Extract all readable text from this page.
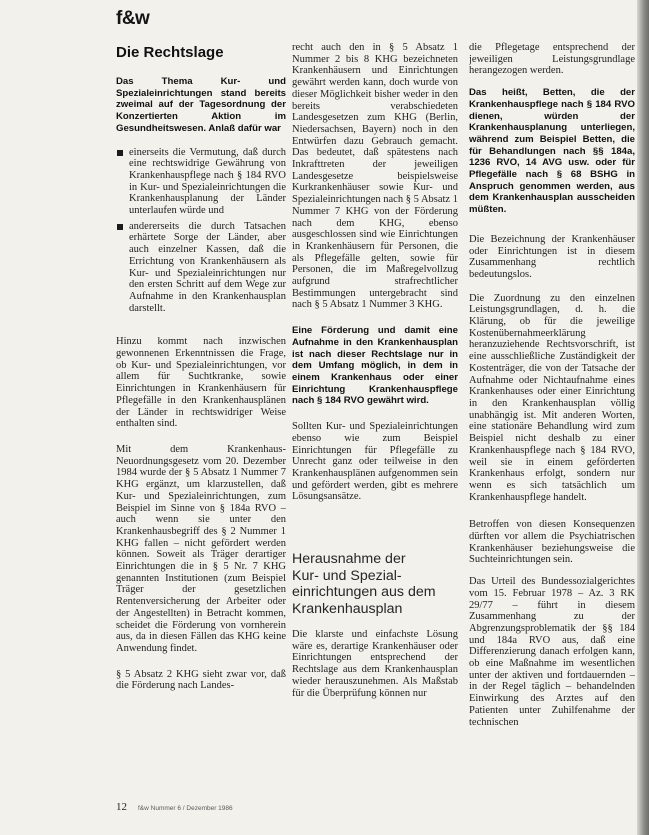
f&w
Die Rechtslage

Das Thema Kur- und Spezialeinrichtungen stand bereits zweimal auf der Tagesordnung der Konzertierten Aktion im Gesundheitswesen. Anlaß dafür war

einerseits die Vermutung, daß durch eine rechtswidrige Gewährung von Krankenhauspflege nach § 184 RVO in Kur- und Spezialeinrichtungen die Krankenhausplanung der Länder unterlaufen würde und

andererseits die durch Tatsachen erhärtete Sorge der Länder, aber auch einzelner Kassen, daß die Errichtung von Krankenhäusern als Kur- und Spezialeinrichtungen nur den ersten Schritt auf dem Wege zur Aufnahme in den Krankenhausplan darstellt.

Hinzu kommt nach inzwischen gewonnenen Erkenntnissen die Frage, ob Kur- und Spezialeinrichtungen, vor allem für Suchtkranke, sowie Einrichtungen in Krankenhäusern für Pflegefälle in den Krankenhausplänen der Länder in rechtswidriger Weise enthalten sind.

Mit dem Krankenhaus-Neuordnungsgesetz vom 20. Dezember 1984 wurde der § 5 Absatz 1 Nummer 7 KHG ergänzt, um klarzustellen, daß Kur- und Spezialeinrichtungen, zum Beispiel im Sinne von § 184a RVO – auch wenn sie unter den Krankenhausbegriff des § 2 Nummer 1 KHG fallen – nicht gefördert werden können. Soweit als Träger derartiger Einrichtungen die in § 5 Nr. 7 KHG genannten Institutionen (zum Beispiel Träger der gesetzlichen Rentenversicherung der Arbeiter oder der Angestellten) in Betracht kommen, scheidet die Förderung von vornherein aus, da in diesen Fällen das KHG keine Anwendung findet.

§ 5 Absatz 2 KHG sieht zwar vor, daß die Förderung nach Landes-

recht auch den in § 5 Absatz 1 Nummer 2 bis 8 KHG bezeichneten Krankenhäusern und Einrichtungen gewährt werden kann, doch wurde von dieser Möglichkeit bisher weder in den bereits verabschiedeten Landesgesetzen zum KHG (Berlin, Niedersachsen, Bayern) noch in den Entwürfen dazu Gebrauch gemacht. Das bedeutet, daß spätestens nach Inkrafttreten der jeweiligen Landesgesetze beispielsweise Kurkrankenhäuser sowie Kur- und Spezialeinrichtungen nach § 5 Absatz 1 Nummer 7 KHG von der Förderung nach dem KHG, ebenso ausgeschlossen sind wie Einrichtungen in Krankenhäusern für Personen, die als Pflegefälle gelten, sowie für Personen, die im Maßregelvollzug aufgrund strafrechtlicher Bestimmungen untergebracht sind nach § 5 Absatz 1 Nummer 3 KHG.

Eine Förderung und damit eine Aufnahme in den Krankenhausplan ist nach dieser Rechtslage nur in dem Umfang möglich, in dem in einem Krankenhaus oder einer Einrichtung Krankenhauspflege nach § 184 RVO gewährt wird.

Sollten Kur- und Spezialeinrichtungen ebenso wie zum Beispiel Einrichtungen für Pflegefälle zu Unrecht ganz oder teilweise in den Krankenhausplänen aufgenommen sein und gefördert werden, gibt es mehrere Lösungsansätze.

Herausnahme der
Kur- und Spezial-
einrichtungen aus dem
Krankenhausplan

Die klarste und einfachste Lösung wäre es, derartige Krankenhäuser oder Einrichtungen entsprechend der Rechtslage aus dem Krankenhausplan wieder herauszunehmen. Als Maßstab für die Überprüfung können nur

die Pflegetage entsprechend der jeweiligen Leistungsgrundlage herangezogen werden.

Das heißt, Betten, die der Krankenhauspflege nach § 184 RVO dienen, würden der Krankenhausplanung unterliegen, während zum Beispiel Betten, die für Behandlungen nach §§ 184a, 1236 RVO, 14 AVG usw. oder für Pflegefälle nach § 68 BSHG in Anspruch genommen werden, aus dem Krankenhausplan ausscheiden müßten.

Die Bezeichnung der Krankenhäuser oder Einrichtungen ist in diesem Zusammenhang rechtlich bedeutungslos.

Die Zuordnung zu den einzelnen Leistungsgrundlagen, d. h. die Klärung, ob für die jeweilige Kostenübernahmeerklärung heranzuziehende Rechtsvorschrift, ist eine ausschließliche Zuständigkeit der Kostenträger, die von der Tatsache der Aufnahme oder Nichtaufnahme eines Krankenhauses oder einer Einrichtung in den Krankenhausplan völlig unabhängig ist. Mit anderen Worten, eine stationäre Behandlung wird zum Beispiel nicht deshalb zu einer Krankenhauspflege nach § 184 RVO, weil sie in einem geförderten Krankenhaus erfolgt, sondern nur wenn es sich tatsächlich um Krankenhauspflege handelt.

Betroffen von diesen Konsequenzen dürften vor allem die Psychiatrischen Krankenhäuser beziehungsweise die Suchteinrichtungen sein.

Das Urteil des Bundessozialgerichtes vom 15. Februar 1978 – Az. 3 RK 29/77 – führt in diesem Zusammenhang zu der Abgrenzungsproblematik der §§ 184 und 184a RVO aus, daß eine Differenzierung danach erfolgen kann, ob eine Maßnahme im wesentlichen unter der aktiven und fortdauernden – in der Regel täglich – behandelnden Einwirkung des Arztes auf den Patienten unter Zuhilfenahme der technischen

12 f&w Nummer 6 / Dezember 1986
